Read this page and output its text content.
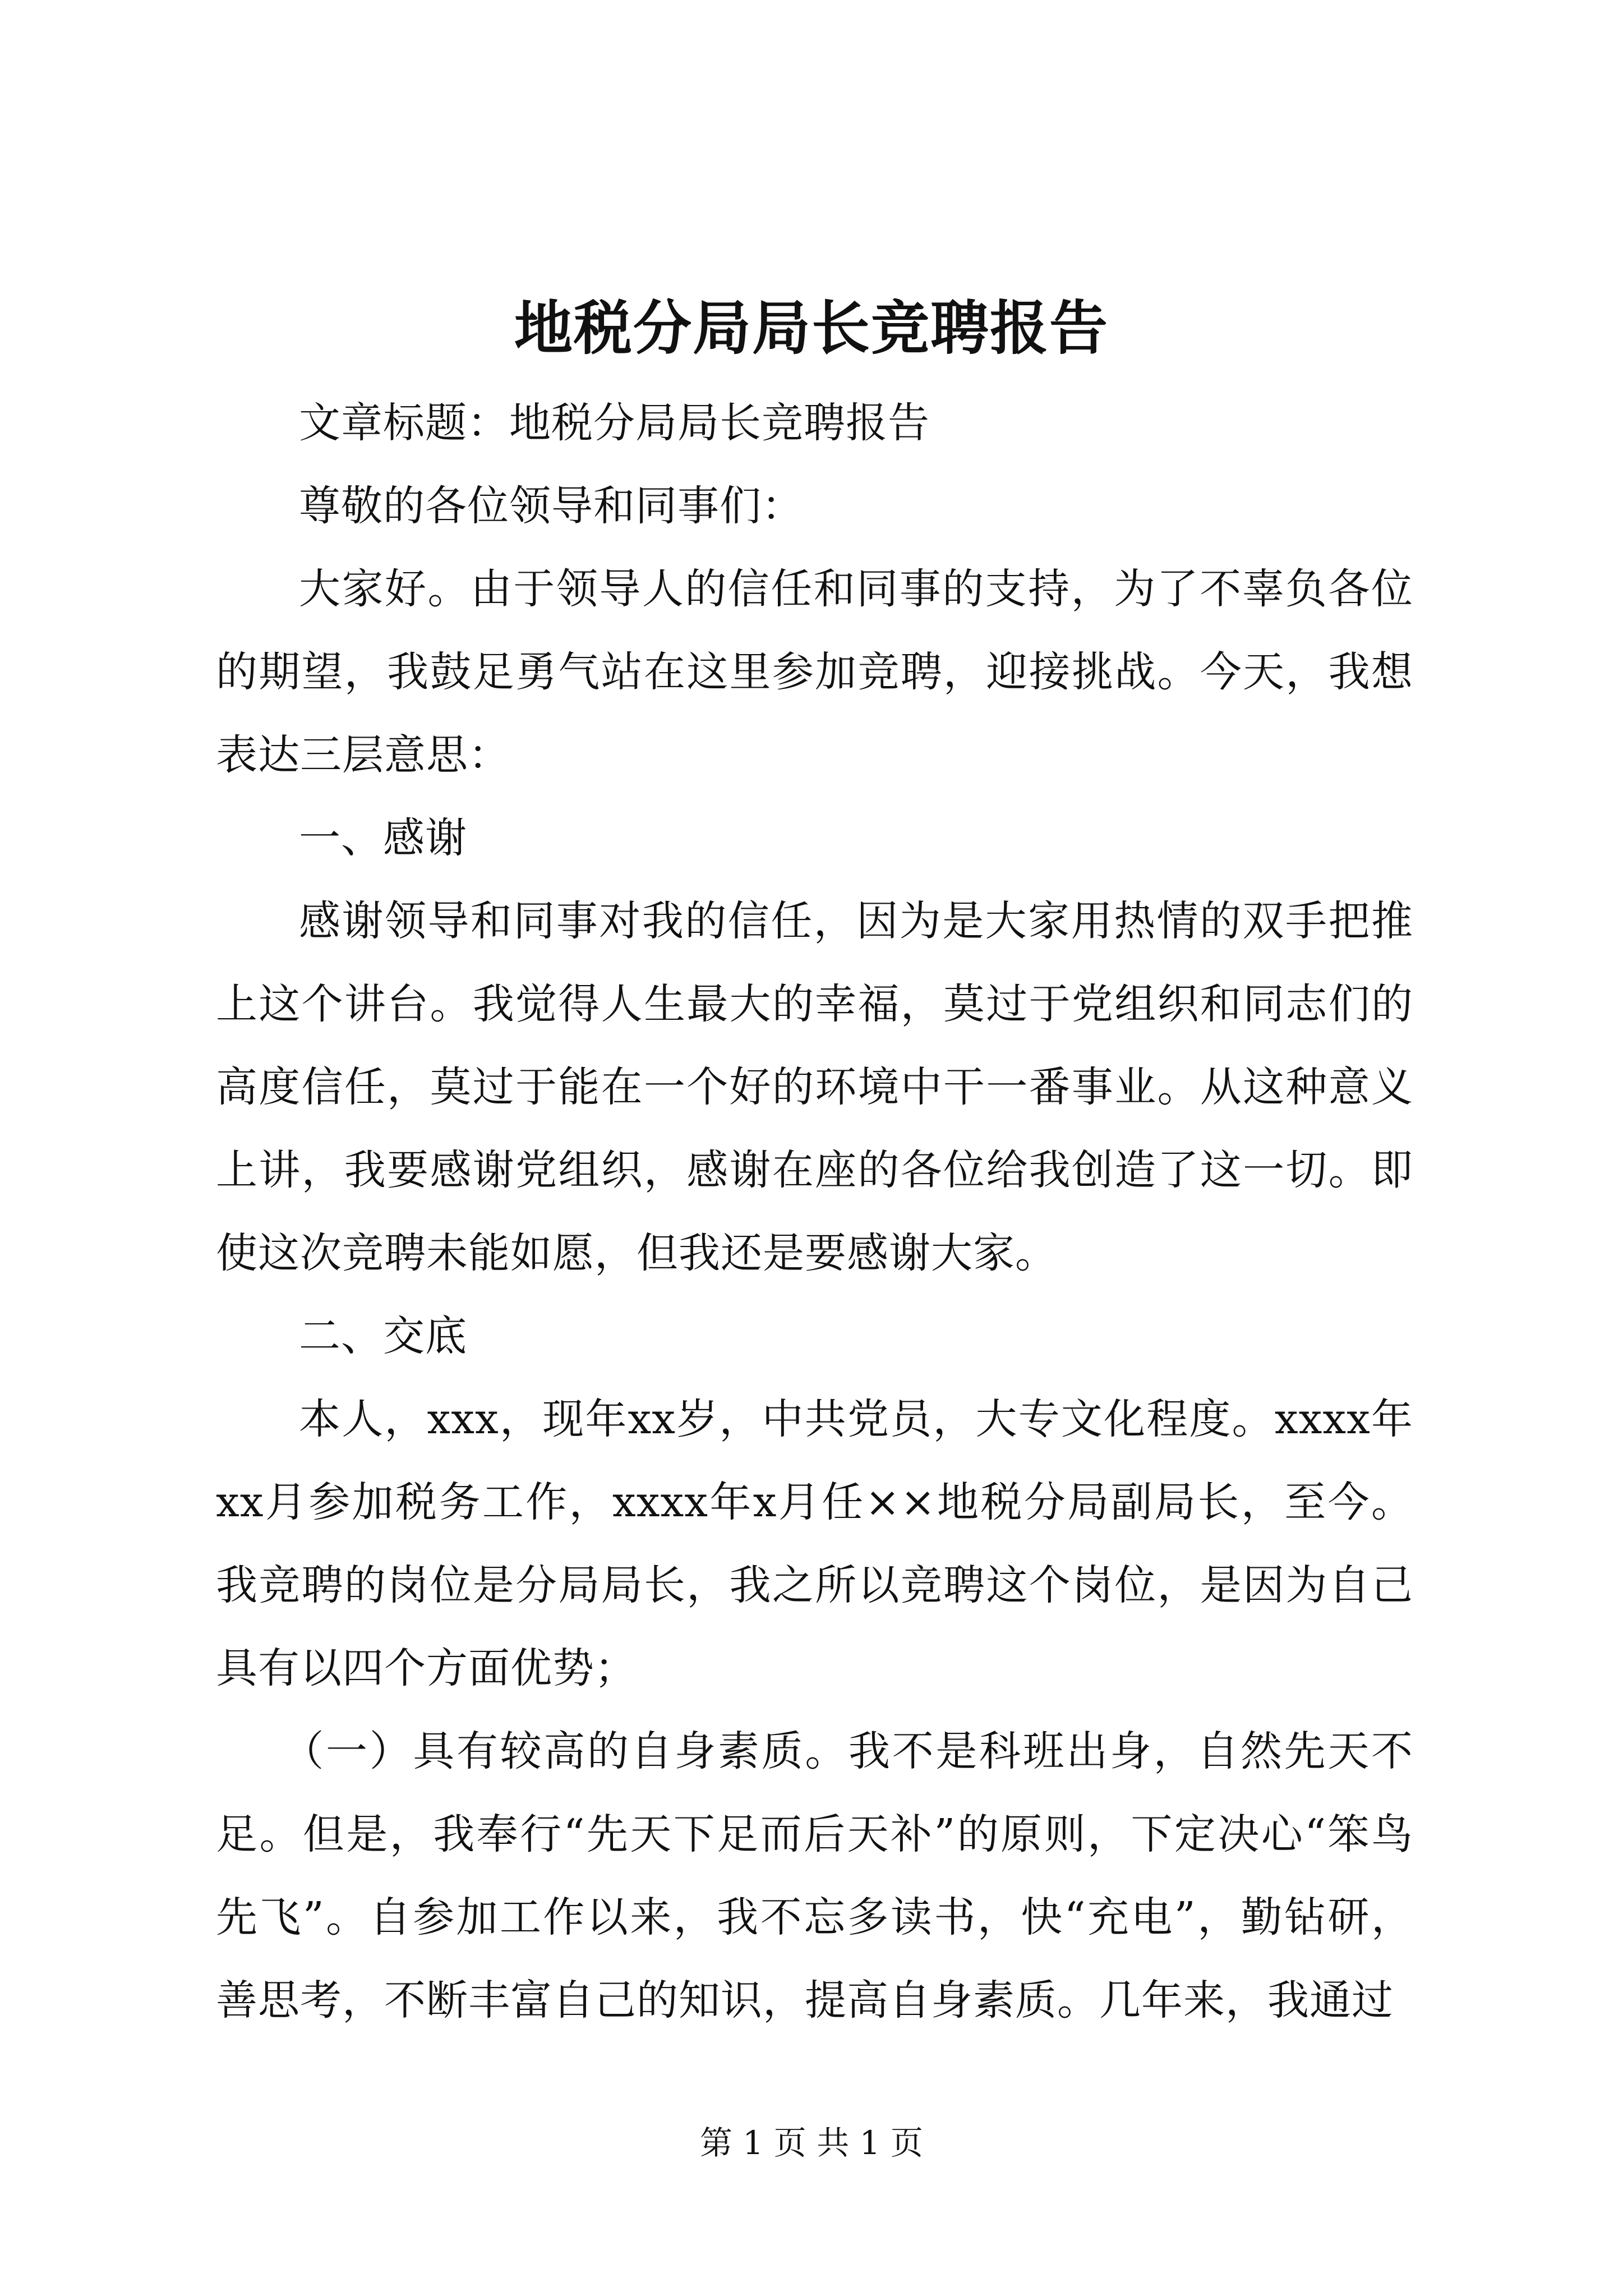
地税分局局长竞聘报告

文章标题：地税分局局长竞聘报告

尊敬的各位领导和同事们：

大家好。由于领导人的信任和同事的支持，为了不辜负各位的期望，我鼓足勇气站在这里参加竞聘，迎接挑战。今天，我想表达三层意思：

一、感谢

感谢领导和同事对我的信任，因为是大家用热情的双手把推上这个讲台。我觉得人生最大的幸福，莫过于党组织和同志们的高度信任，莫过于能在一个好的环境中干一番事业。从这种意义上讲，我要感谢党组织，感谢在座的各位给我创造了这一切。即使这次竞聘未能如愿，但我还是要感谢大家。

二、交底

本人，xxx，现年xx岁，中共党员，大专文化程度。xxxx年xx月参加税务工作，xxxx年x月任××地税分局副局长，至今。我竞聘的岗位是分局局长，我之所以竞聘这个岗位，是因为自己具有以四个方面优势；

（一）具有较高的自身素质。我不是科班出身，自然先天不足。但是，我奉行“先天下足而后天补”的原则，下定决心“笨鸟先飞”。自参加工作以来，我不忘多读书，快“充电”，勤钻研，善思考，不断丰富自己的知识，提高自身素质。几年来，我通过

第 1 页 共 1 页
